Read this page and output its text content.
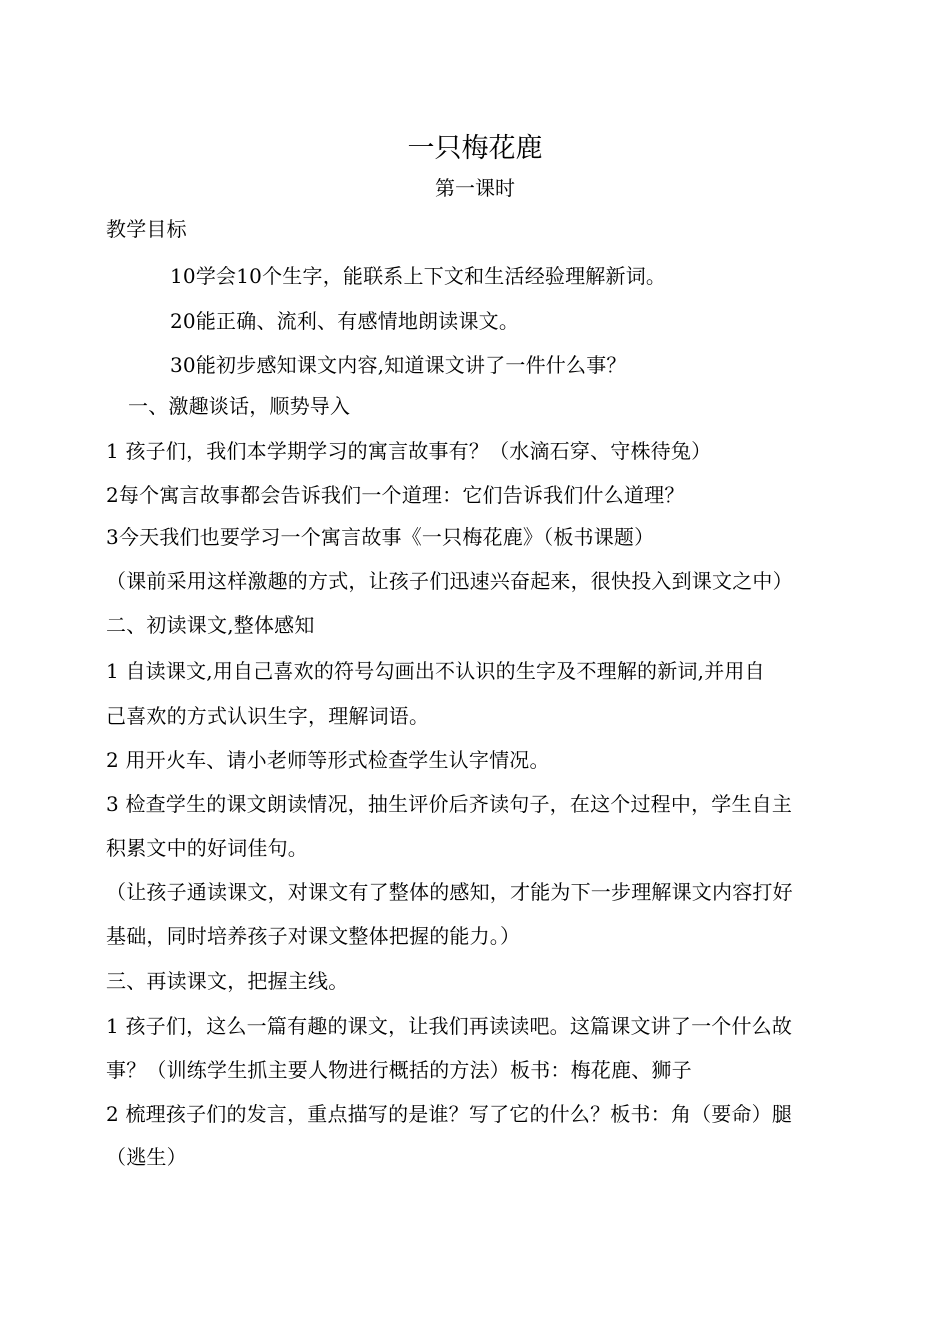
一只梅花鹿
第一课时
教学目标
10学会10个生字，能联系上下文和生活经验理解新词。
20能正确、流利、有感情地朗读课文。
30能初步感知课文内容,知道课文讲了一件什么事？
一、激趣谈话，顺势导入
1 孩子们，我们本学期学习的寓言故事有？（水滴石穿、守株待兔）
2每个寓言故事都会告诉我们一个道理：它们告诉我们什么道理？
3今天我们也要学习一个寓言故事《一只梅花鹿》（板书课题）
（课前采用这样激趣的方式，让孩子们迅速兴奋起来，很快投入到课文之中）
二、初读课文,整体感知
1 自读课文,用自己喜欢的符号勾画出不认识的生字及不理解的新词,并用自
己喜欢的方式认识生字，理解词语。
2 用开火车、请小老师等形式检查学生认字情况。
3 检查学生的课文朗读情况，抽生评价后齐读句子，在这个过程中，学生自主
积累文中的好词佳句。
（让孩子通读课文，对课文有了整体的感知，才能为下一步理解课文内容打好
基础，同时培养孩子对课文整体把握的能力。）
三、再读课文，把握主线。
1 孩子们，这么一篇有趣的课文，让我们再读读吧。这篇课文讲了一个什么故
事？（训练学生抓主要人物进行概括的方法）板书：梅花鹿、狮子
2 梳理孩子们的发言，重点描写的是谁？写了它的什么？板书：角（要命）腿
（逃生）
